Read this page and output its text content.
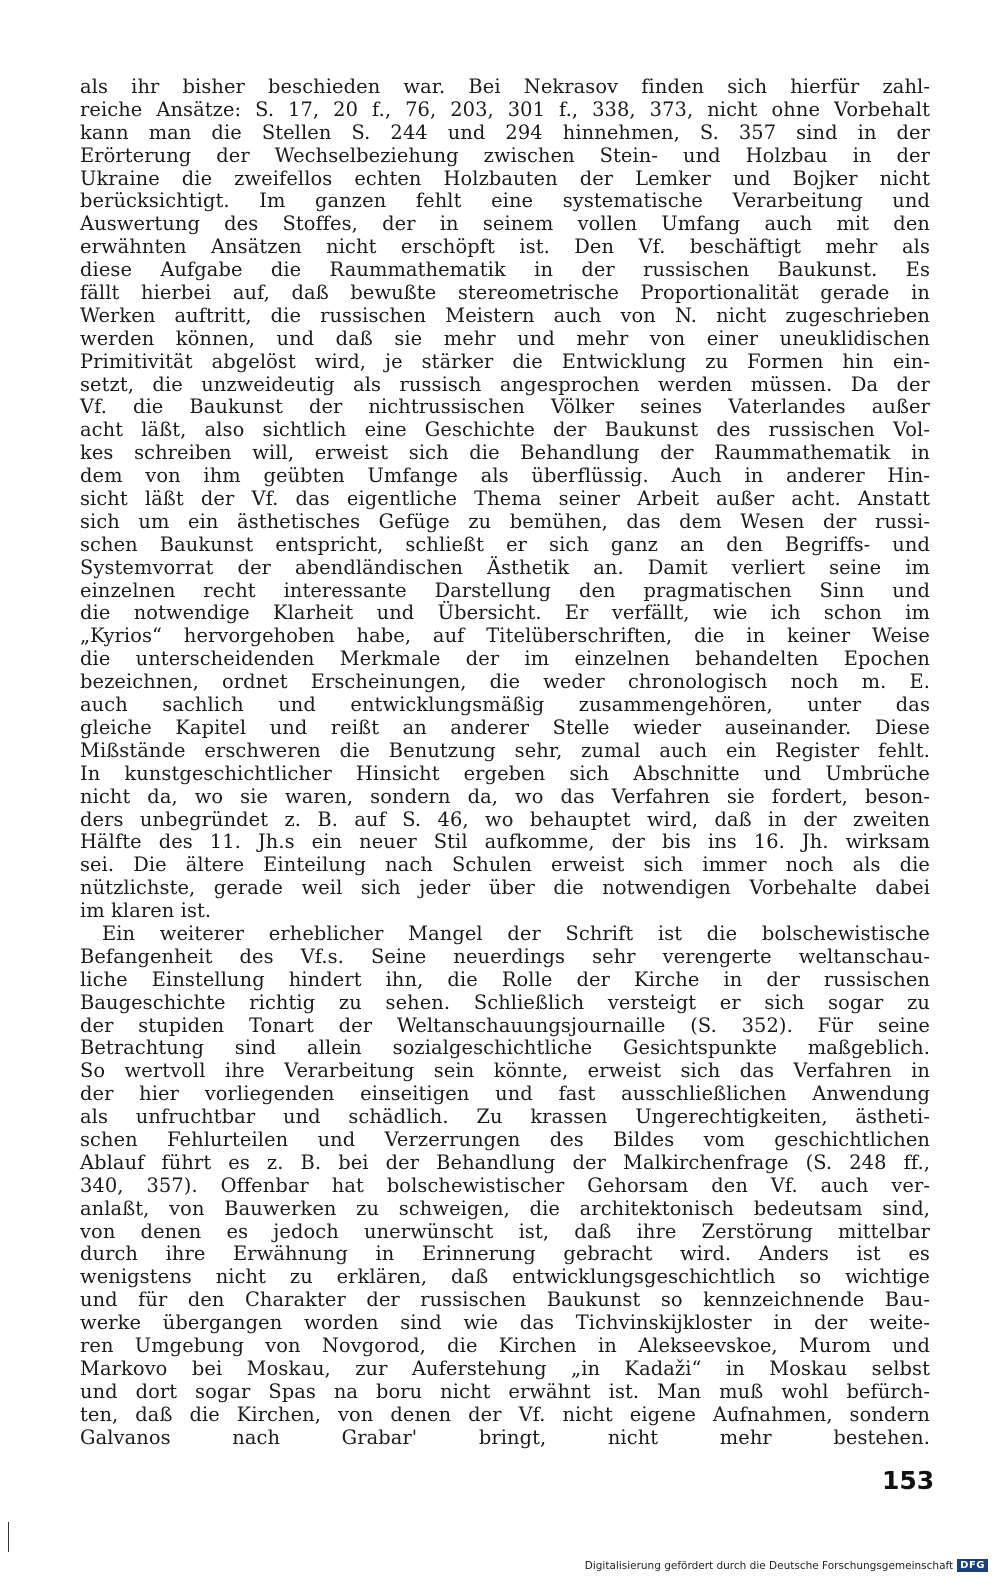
als ihr bisher beschieden war. Bei Nekrasov finden sich hierfür zahl-
reiche Ansätze: S. 17, 20 f., 76, 203, 301 f., 338, 373, nicht ohne Vorbehalt
kann man die Stellen S. 244 und 294 hinnehmen, S. 357 sind in der
Erörterung der Wechselbeziehung zwischen Stein- und Holzbau in der
Ukraine die zweifellos echten Holzbauten der Lemker und Bojker nicht
berücksichtigt. Im ganzen fehlt eine systematische Verarbeitung und
Auswertung des Stoffes, der in seinem vollen Umfang auch mit den
erwähnten Ansätzen nicht erschöpft ist. Den Vf. beschäftigt mehr als
diese Aufgabe die Raummathematik in der russischen Baukunst. Es
fällt hierbei auf, daß bewußte stereometrische Proportionalität gerade in
Werken auftritt, die russischen Meistern auch von N. nicht zugeschrieben
werden können, und daß sie mehr und mehr von einer uneuklidischen
Primitivität abgelöst wird, je stärker die Entwicklung zu Formen hin ein-
setzt, die unzweideutig als russisch angesprochen werden müssen. Da der
Vf. die Baukunst der nichtrussischen Völker seines Vaterlandes außer
acht läßt, also sichtlich eine Geschichte der Baukunst des russischen Vol-
kes schreiben will, erweist sich die Behandlung der Raummathematik in
dem von ihm geübten Umfange als überflüssig. Auch in anderer Hin-
sicht läßt der Vf. das eigentliche Thema seiner Arbeit außer acht. Anstatt
sich um ein ästhetisches Gefüge zu bemühen, das dem Wesen der russi-
schen Baukunst entspricht, schließt er sich ganz an den Begriffs- und
Systemvorrat der abendländischen Ästhetik an. Damit verliert seine im
einzelnen recht interessante Darstellung den pragmatischen Sinn und
die notwendige Klarheit und Übersicht. Er verfällt, wie ich schon im
„Kyrios“ hervorgehoben habe, auf Titelüberschriften, die in keiner Weise
die unterscheidenden Merkmale der im einzelnen behandelten Epochen
bezeichnen, ordnet Erscheinungen, die weder chronologisch noch m. E.
auch sachlich und entwicklungsmäßig zusammengehören, unter das
gleiche Kapitel und reißt an anderer Stelle wieder auseinander. Diese
Mißstände erschweren die Benutzung sehr, zumal auch ein Register fehlt.
In kunstgeschichtlicher Hinsicht ergeben sich Abschnitte und Umbrüche
nicht da, wo sie waren, sondern da, wo das Verfahren sie fordert, beson-
ders unbegründet z. B. auf S. 46, wo behauptet wird, daß in der zweiten
Hälfte des 11. Jh.s ein neuer Stil aufkomme, der bis ins 16. Jh. wirksam
sei. Die ältere Einteilung nach Schulen erweist sich immer noch als die
nützlichste, gerade weil sich jeder über die notwendigen Vorbehalte dabei
im klaren ist.
Ein weiterer erheblicher Mangel der Schrift ist die bolschewistische
Befangenheit des Vf.s. Seine neuerdings sehr verengerte weltanschau-
liche Einstellung hindert ihn, die Rolle der Kirche in der russischen
Baugeschichte richtig zu sehen. Schließlich versteigt er sich sogar zu
der stupiden Tonart der Weltanschauungsjournaille (S. 352). Für seine
Betrachtung sind allein sozialgeschichtliche Gesichtspunkte maßgeblich.
So wertvoll ihre Verarbeitung sein könnte, erweist sich das Verfahren in
der hier vorliegenden einseitigen und fast ausschließlichen Anwendung
als unfruchtbar und schädlich. Zu krassen Ungerechtigkeiten, ästheti-
schen Fehlurteilen und Verzerrungen des Bildes vom geschichtlichen
Ablauf führt es z. B. bei der Behandlung der Malkirchenfrage (S. 248 ff.,
340, 357). Offenbar hat bolschewistischer Gehorsam den Vf. auch ver-
anlaßt, von Bauwerken zu schweigen, die architektonisch bedeutsam sind,
von denen es jedoch unerwünscht ist, daß ihre Zerstörung mittelbar
durch ihre Erwähnung in Erinnerung gebracht wird. Anders ist es
wenigstens nicht zu erklären, daß entwicklungsgeschichtlich so wichtige
und für den Charakter der russischen Baukunst so kennzeichnende Bau-
werke übergangen worden sind wie das Tichvinskijkloster in der weite-
ren Umgebung von Novgorod, die Kirchen in Alekseevskoe, Murom und
Markovo bei Moskau, zur Auferstehung „in Kadaži“ in Moskau selbst
und dort sogar Spas na boru nicht erwähnt ist. Man muß wohl befürch-
ten, daß die Kirchen, von denen der Vf. nicht eigene Aufnahmen, sondern
Galvanos nach Grabar' bringt, nicht mehr bestehen.
153
Digitalisierung gefördert durch die Deutsche Forschungsgemeinschaft DFG
